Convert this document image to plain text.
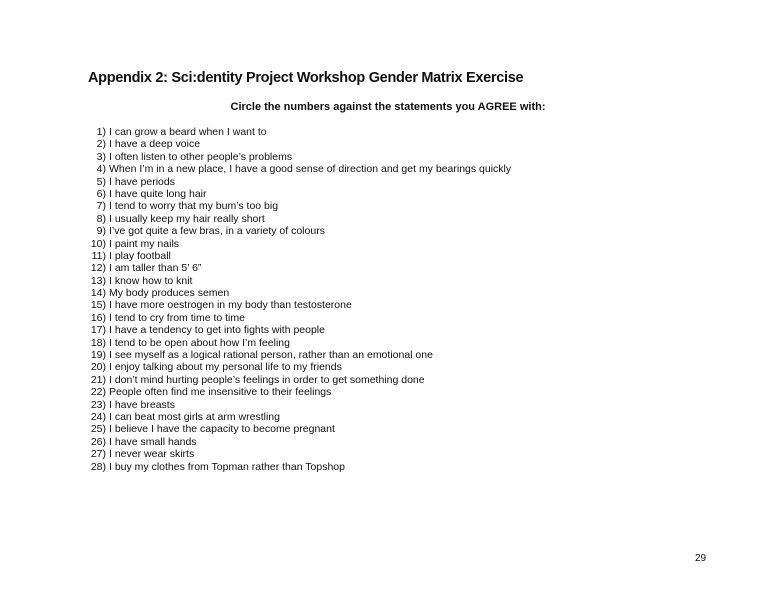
Appendix 2: Sci:dentity Project Workshop Gender Matrix Exercise
Circle the numbers against the statements you AGREE with:
1) I can grow a beard when I want to
2) I have a deep voice
3) I often listen to other people’s problems
4) When I’m in a new place, I have a good sense of direction and get my bearings quickly
5) I have periods
6) I have quite long hair
7) I tend to worry that my bum’s too big
8) I usually keep my hair really short
9) I’ve got quite a few bras, in a variety of colours
10) I paint my nails
11) I play football
12) I am taller than 5’ 6”
13) I know how to knit
14) My body produces semen
15) I have more oestrogen in my body than testosterone
16) I tend to cry from time to time
17) I have a tendency to get into fights with people
18) I tend to be open about how I’m feeling
19) I see myself as a logical rational person, rather than an emotional one
20) I enjoy talking about my personal life to my friends
21) I don’t mind hurting people’s feelings in order to get something done
22) People often find me insensitive to their feelings
23) I have breasts
24) I can beat most girls at arm wrestling
25) I believe I have the capacity to become pregnant
26) I have small hands
27) I never wear skirts
28) I buy my clothes from Topman rather than Topshop
29
